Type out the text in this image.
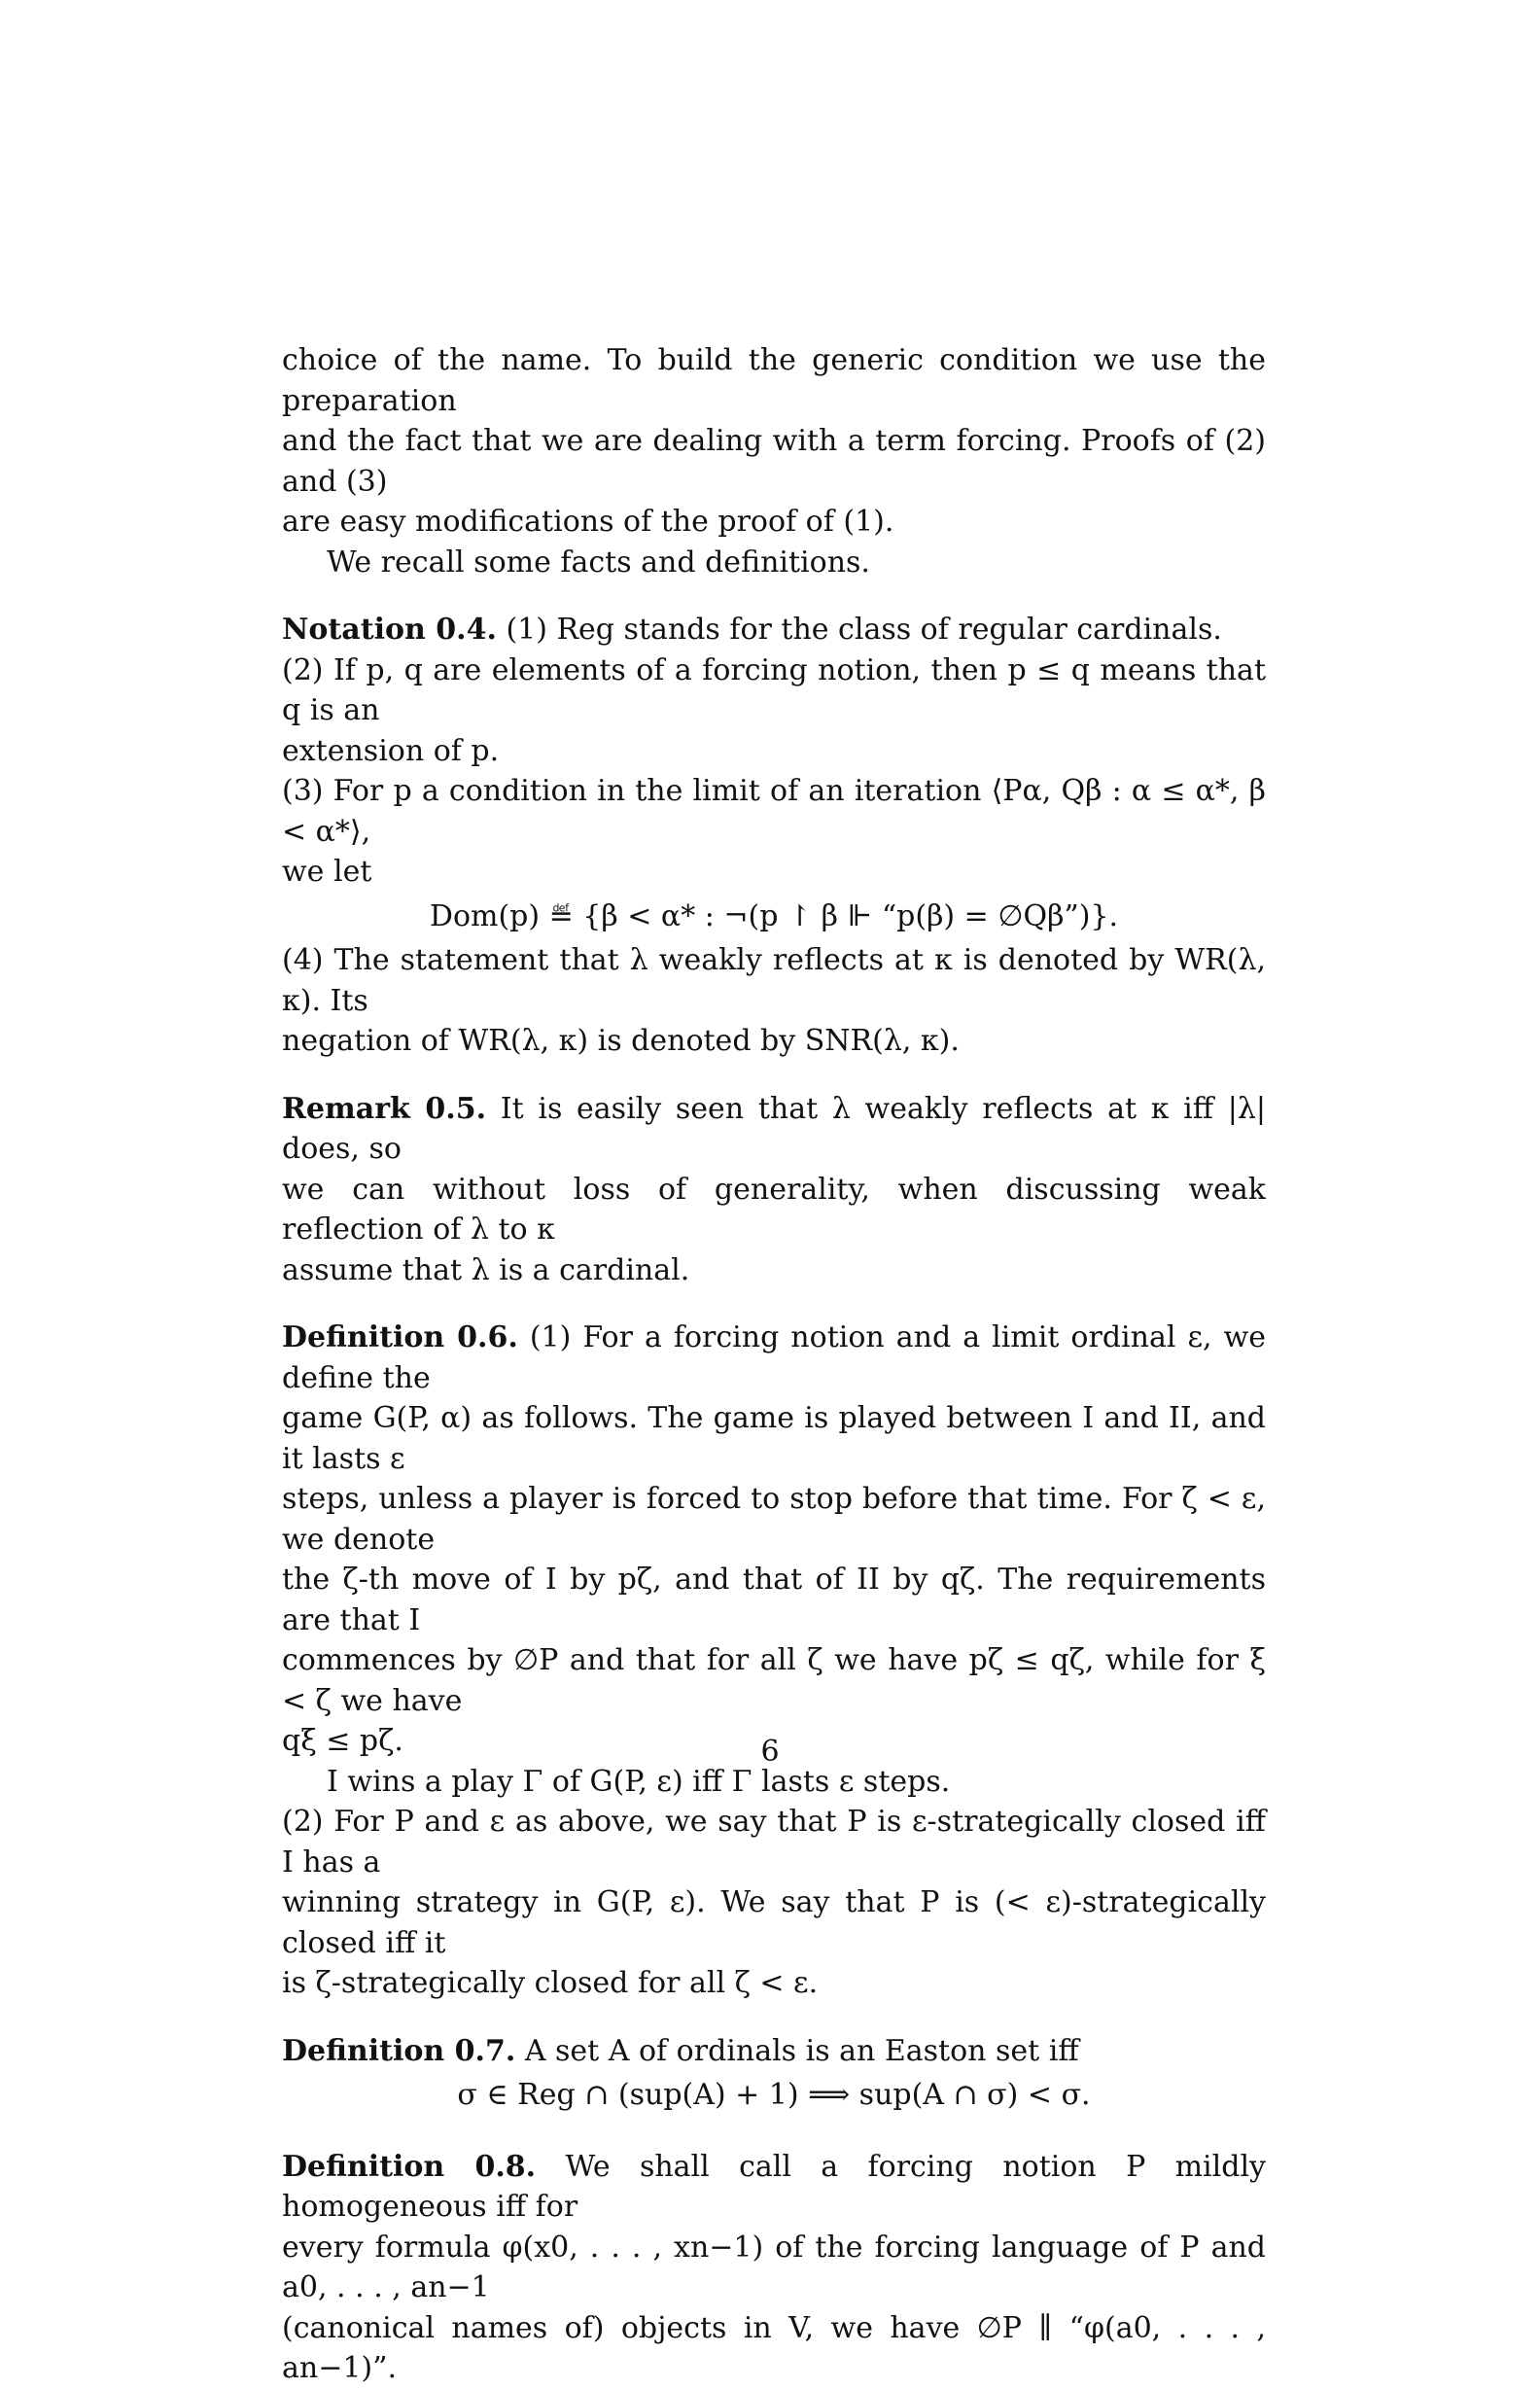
choice of the name. To build the generic condition we use the preparation
and the fact that we are dealing with a term forcing. Proofs of (2) and (3)
are easy modifications of the proof of (1).
We recall some facts and definitions.
Notation 0.4. (1) Reg stands for the class of regular cardinals.
(2) If p, q are elements of a forcing notion, then p ≤ q means that q is an
extension of p.
(3) For p a condition in the limit of an iteration ⟨Pα, Qβ : α ≤ α*, β < α*⟩,
we let
Dom(p) ≝ {β < α* : ¬(p ↾ β ⊩ “p(β) = ∅Qβ”)}.
(4) The statement that λ weakly reflects at κ is denoted by WR(λ, κ). Its
negation of WR(λ, κ) is denoted by SNR(λ, κ).
Remark 0.5. It is easily seen that λ weakly reflects at κ iff |λ| does, so
we can without loss of generality, when discussing weak reflection of λ to κ
assume that λ is a cardinal.
Definition 0.6. (1) For a forcing notion and a limit ordinal ε, we define the
game G(P, α) as follows. The game is played between I and II, and it lasts ε
steps, unless a player is forced to stop before that time. For ζ < ε, we denote
the ζ-th move of I by pζ, and that of II by qζ. The requirements are that I
commences by ∅P and that for all ζ we have pζ ≤ qζ, while for ξ < ζ we have
qξ ≤ pζ.
I wins a play Γ of G(P, ε) iff Γ lasts ε steps.
(2) For P and ε as above, we say that P is ε-strategically closed iff I has a
winning strategy in G(P, ε). We say that P is (< ε)-strategically closed iff it
is ζ-strategically closed for all ζ < ε.
Definition 0.7. A set A of ordinals is an Easton set iff
σ ∈ Reg ∩ (sup(A) + 1) ⟹ sup(A ∩ σ) < σ.
Definition 0.8. We shall call a forcing notion P mildly homogeneous iff for
every formula φ(x0, . . . , xn−1) of the forcing language of P and a0, . . . , an−1
(canonical names of) objects in V, we have ∅P ∥ “φ(a0, . . . , an−1)”.
6
